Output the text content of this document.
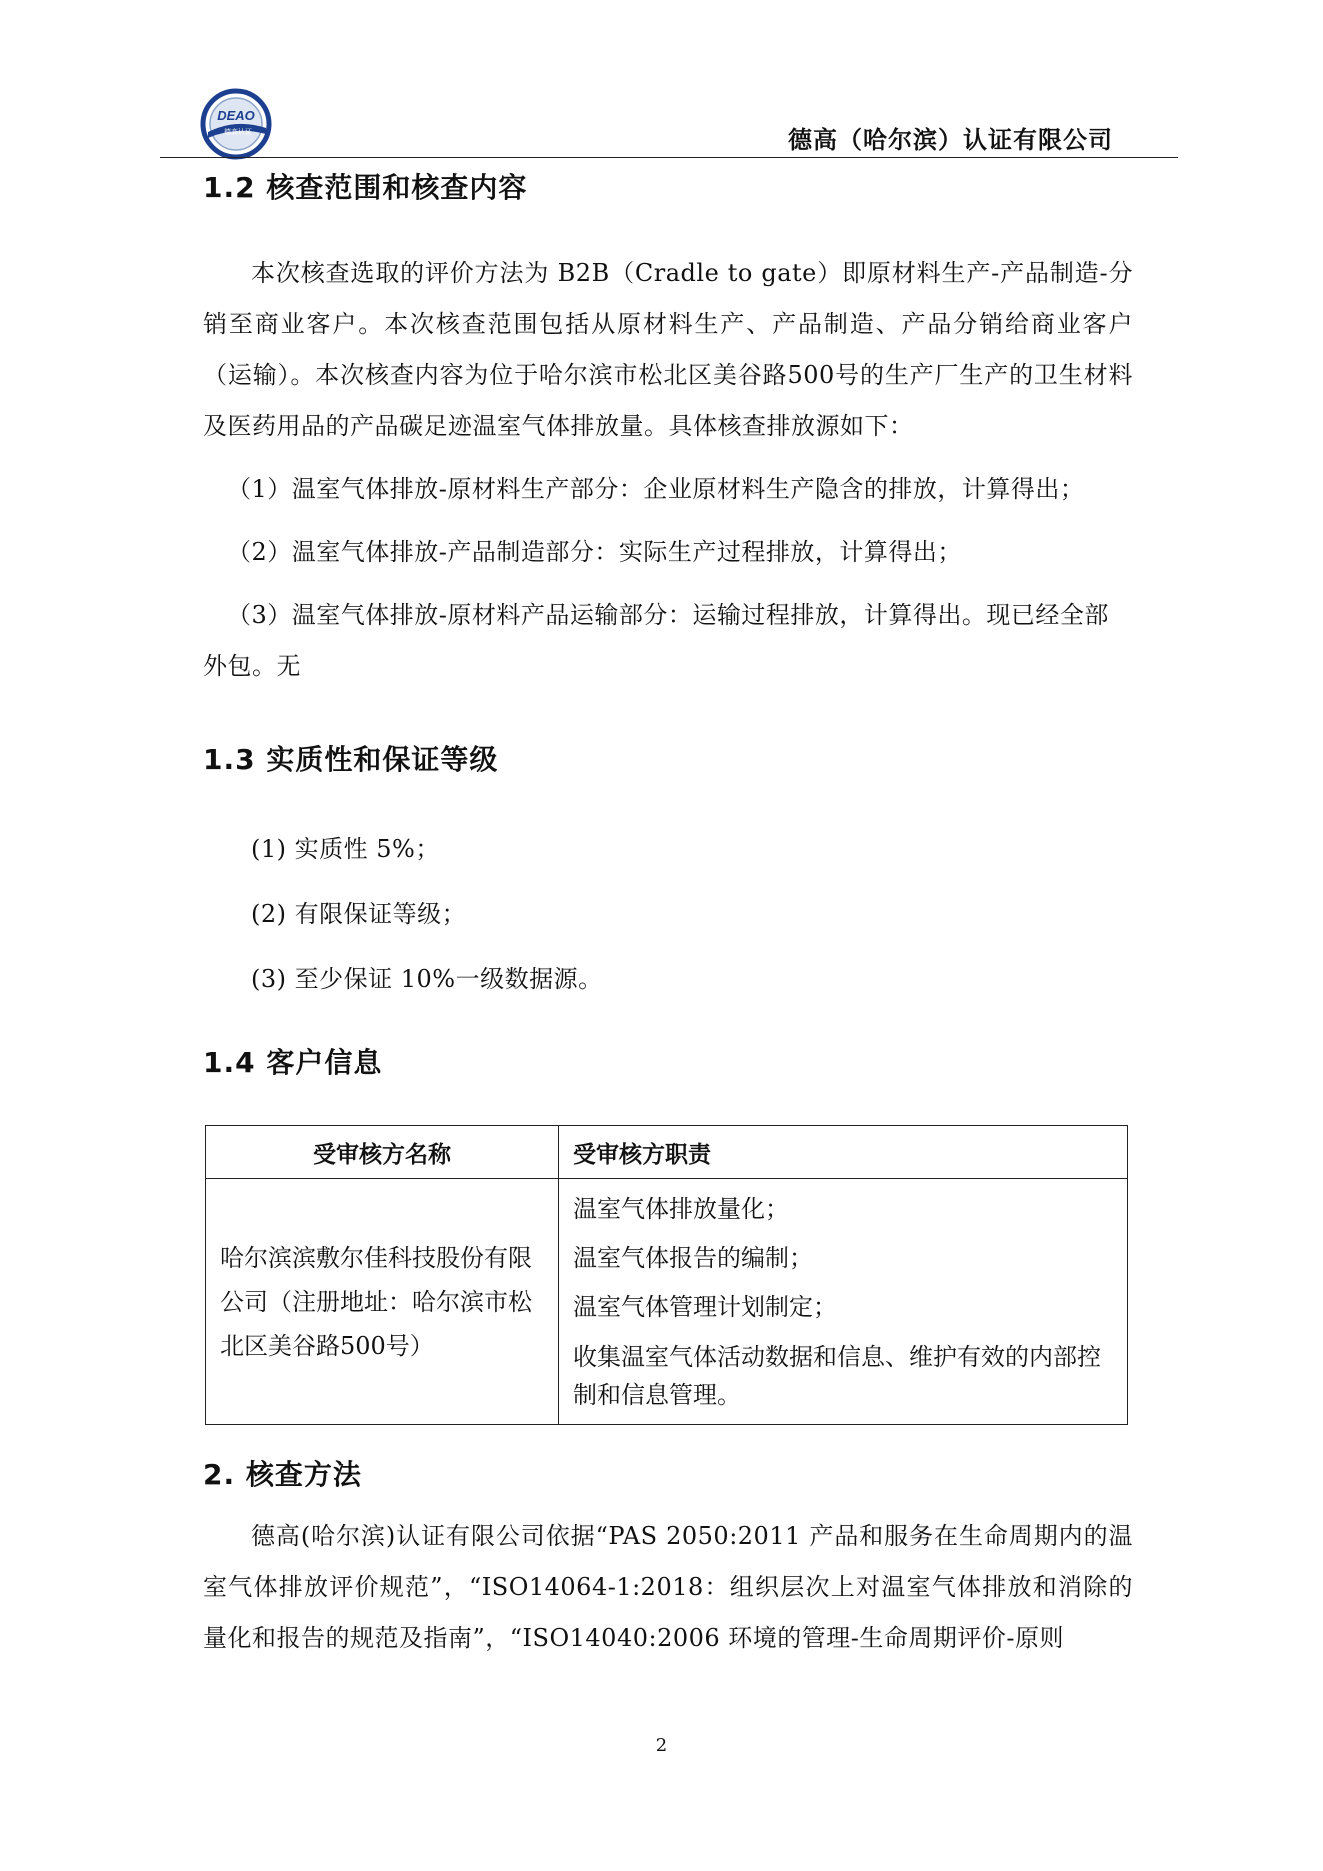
DEAO
德高认证	德高（哈尔滨）认证有限公司
1.2 核查范围和核查内容

本次核查选取的评价方法为 B2B（Cradle to gate）即原材料生产-产品制造-分销至商业客户。本次核查范围包括从原材料生产、产品制造、产品分销给商业客户（运输）。本次核查内容为位于哈尔滨市松北区美谷路500号的生产厂生产的卫生材料及医药用品的产品碳足迹温室气体排放量。具体核查排放源如下：

（1）温室气体排放-原材料生产部分：企业原材料生产隐含的排放，计算得出；

（2）温室气体排放-产品制造部分：实际生产过程排放，计算得出；

（3）温室气体排放-原材料产品运输部分：运输过程排放，计算得出。现已经全部外包。无

1.3 实质性和保证等级

(1) 实质性 5%；

(2) 有限保证等级；

(3) 至少保证 10%一级数据源。

1.4 客户信息
受审核方名称	受审核方职责
哈尔滨滨敷尔佳科技股份有限公司（注册地址：哈尔滨市松北区美谷路500号）	温室气体排放量化；
温室气体报告的编制；
温室气体管理计划制定；
收集温室气体活动数据和信息、维护有效的内部控制和信息管理。
2. 核查方法

德高(哈尔滨)认证有限公司依据“PAS 2050:2011 产品和服务在生命周期内的温室气体排放评价规范”，“ISO14064-1:2018：组织层次上对温室气体排放和消除的量化和报告的规范及指南”，“ISO14040:2006 环境的管理-生命周期评价-原则

2
